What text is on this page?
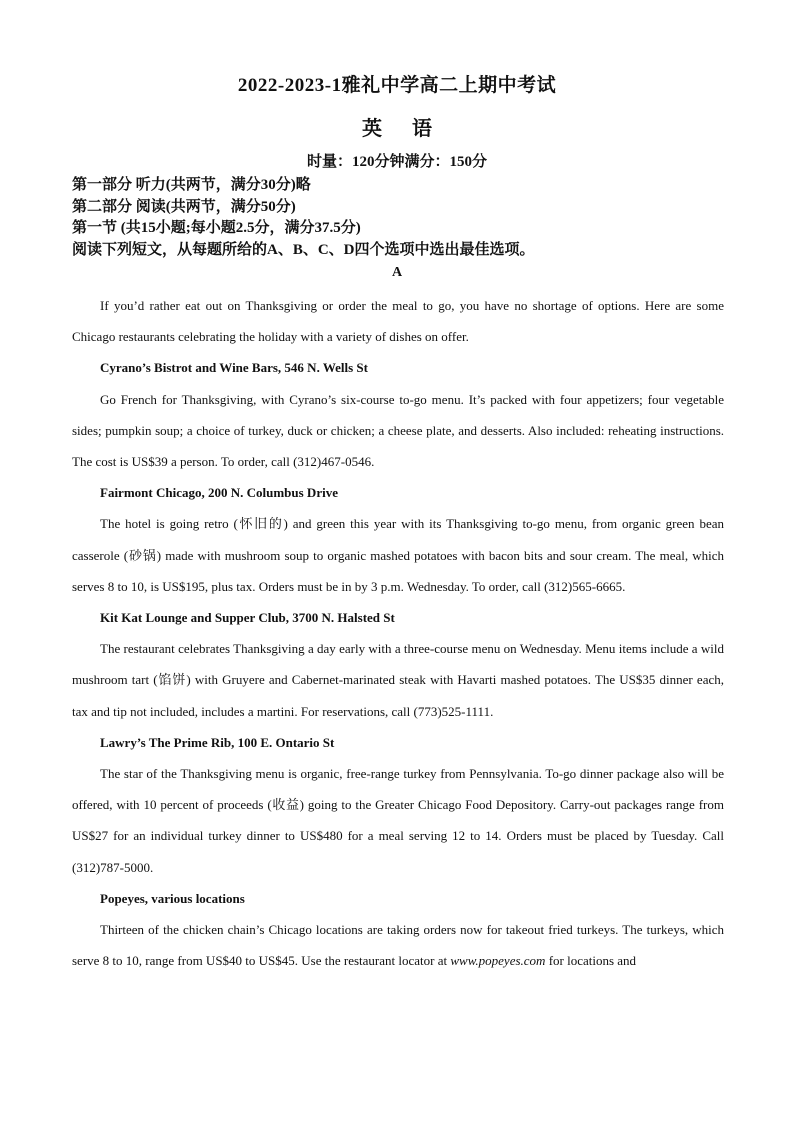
2022-2023-1雅礼中学高二上期中考试
英语
时量：120分钟满分：150分
第一部分 听力(共两节，满分30分)略
第二部分 阅读(共两节，满分50分)
第一节 (共15小题;每小题2.5分，满分37.5分)
阅读下列短文，从每题所给的A、B、C、D四个选项中选出最佳选项。
A

If you’d rather eat out on Thanksgiving or order the meal to go, you have no shortage of options. Here are some Chicago restaurants celebrating the holiday with a variety of dishes on offer.

Cyrano’s Bistrot and Wine Bars, 546 N. Wells St

Go French for Thanksgiving, with Cyrano’s six-course to-go menu. It’s packed with four appetizers; four vegetable sides; pumpkin soup; a choice of turkey, duck or chicken; a cheese plate, and desserts. Also included: reheating instructions. The cost is US$39 a person. To order, call (312)467-0546.

Fairmont Chicago, 200 N. Columbus Drive

The hotel is going retro (怀旧的) and green this year with its Thanksgiving to-go menu, from organic green bean casserole (砂锅) made with mushroom soup to organic mashed potatoes with bacon bits and sour cream. The meal, which serves 8 to 10, is US$195, plus tax. Orders must be in by 3 p.m. Wednesday. To order, call (312)565-6665.

Kit Kat Lounge and Supper Club, 3700 N. Halsted St

The restaurant celebrates Thanksgiving a day early with a three-course menu on Wednesday. Menu items include a wild mushroom tart (馅饼) with Gruyere and Cabernet-marinated steak with Havarti mashed potatoes. The US$35 dinner each, tax and tip not included, includes a martini. For reservations, call (773)525-1111.

Lawry’s The Prime Rib, 100 E. Ontario St

The star of the Thanksgiving menu is organic, free-range turkey from Pennsylvania. To-go dinner package also will be offered, with 10 percent of proceeds (收益) going to the Greater Chicago Food Depository. Carry-out packages range from US$27 for an individual turkey dinner to US$480 for a meal serving 12 to 14. Orders must be placed by Tuesday. Call (312)787-5000.

Popeyes, various locations

Thirteen of the chicken chain’s Chicago locations are taking orders now for takeout fried turkeys. The turkeys, which serve 8 to 10, range from US$40 to US$45. Use the restaurant locator at www.popeyes.com for locations and
